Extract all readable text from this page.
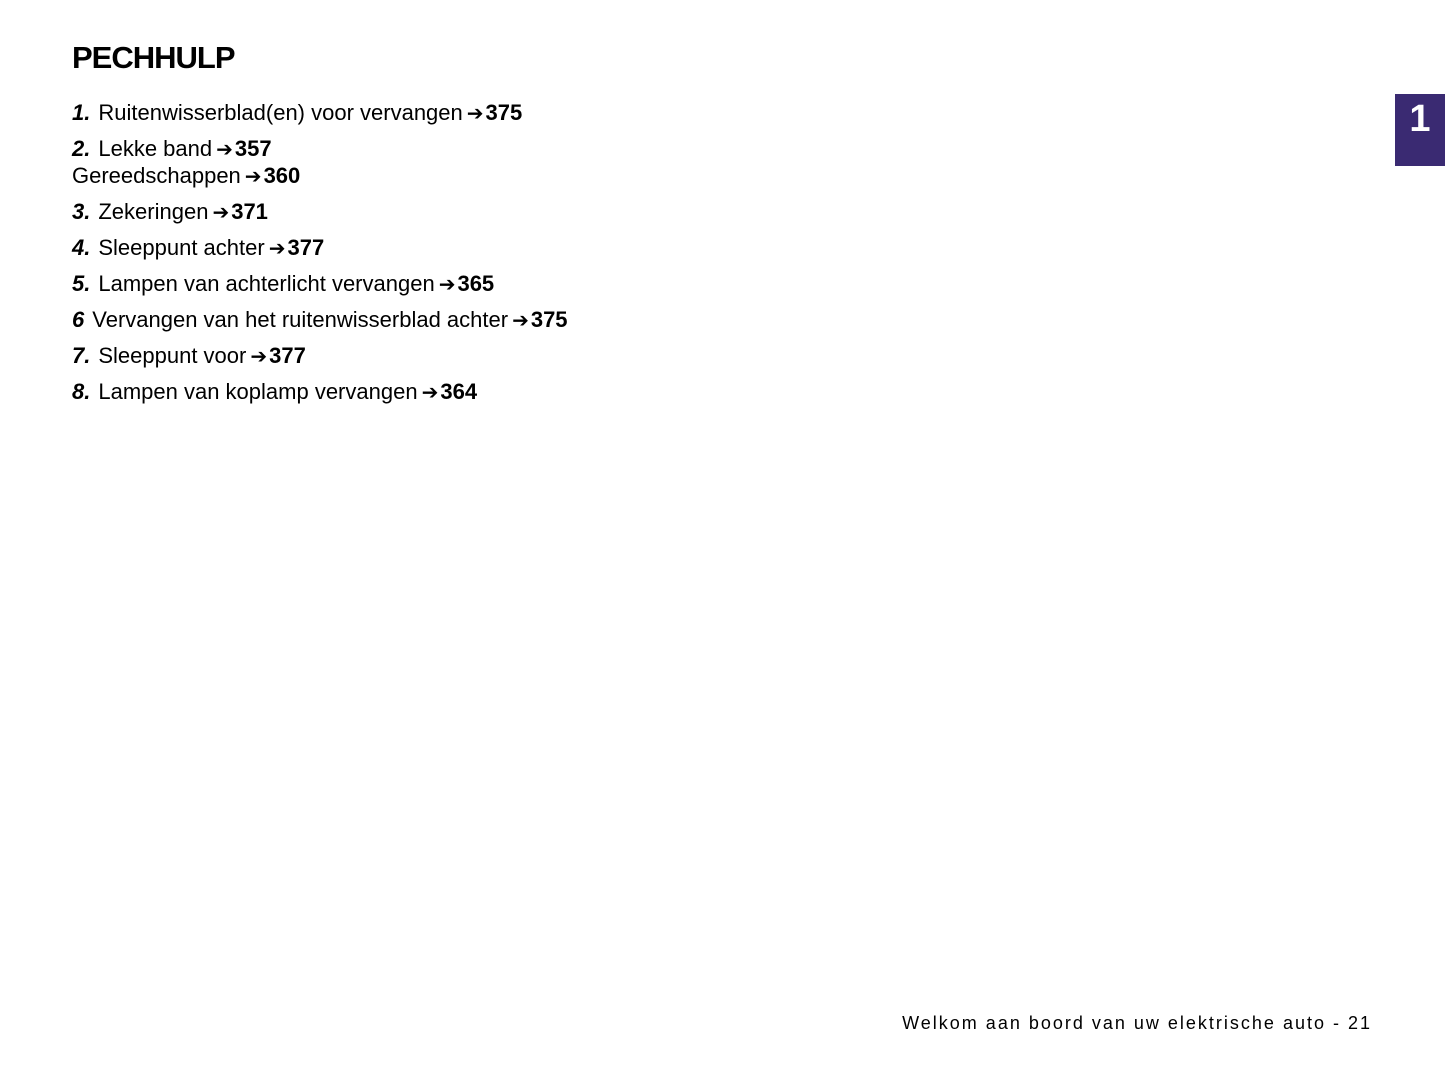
PECHHULP
1
1. Ruitenwisserblad(en) voor vervangen ➔375
2. Lekke band ➔357
Gereedschappen ➔360
3. Zekeringen ➔371
4. Sleeppunt achter ➔377
5. Lampen van achterlicht vervangen ➔365
6 Vervangen van het ruitenwisserblad achter ➔375
7. Sleeppunt voor ➔377
8. Lampen van koplamp vervangen ➔364
Welkom aan boord van uw elektrische auto - 21
